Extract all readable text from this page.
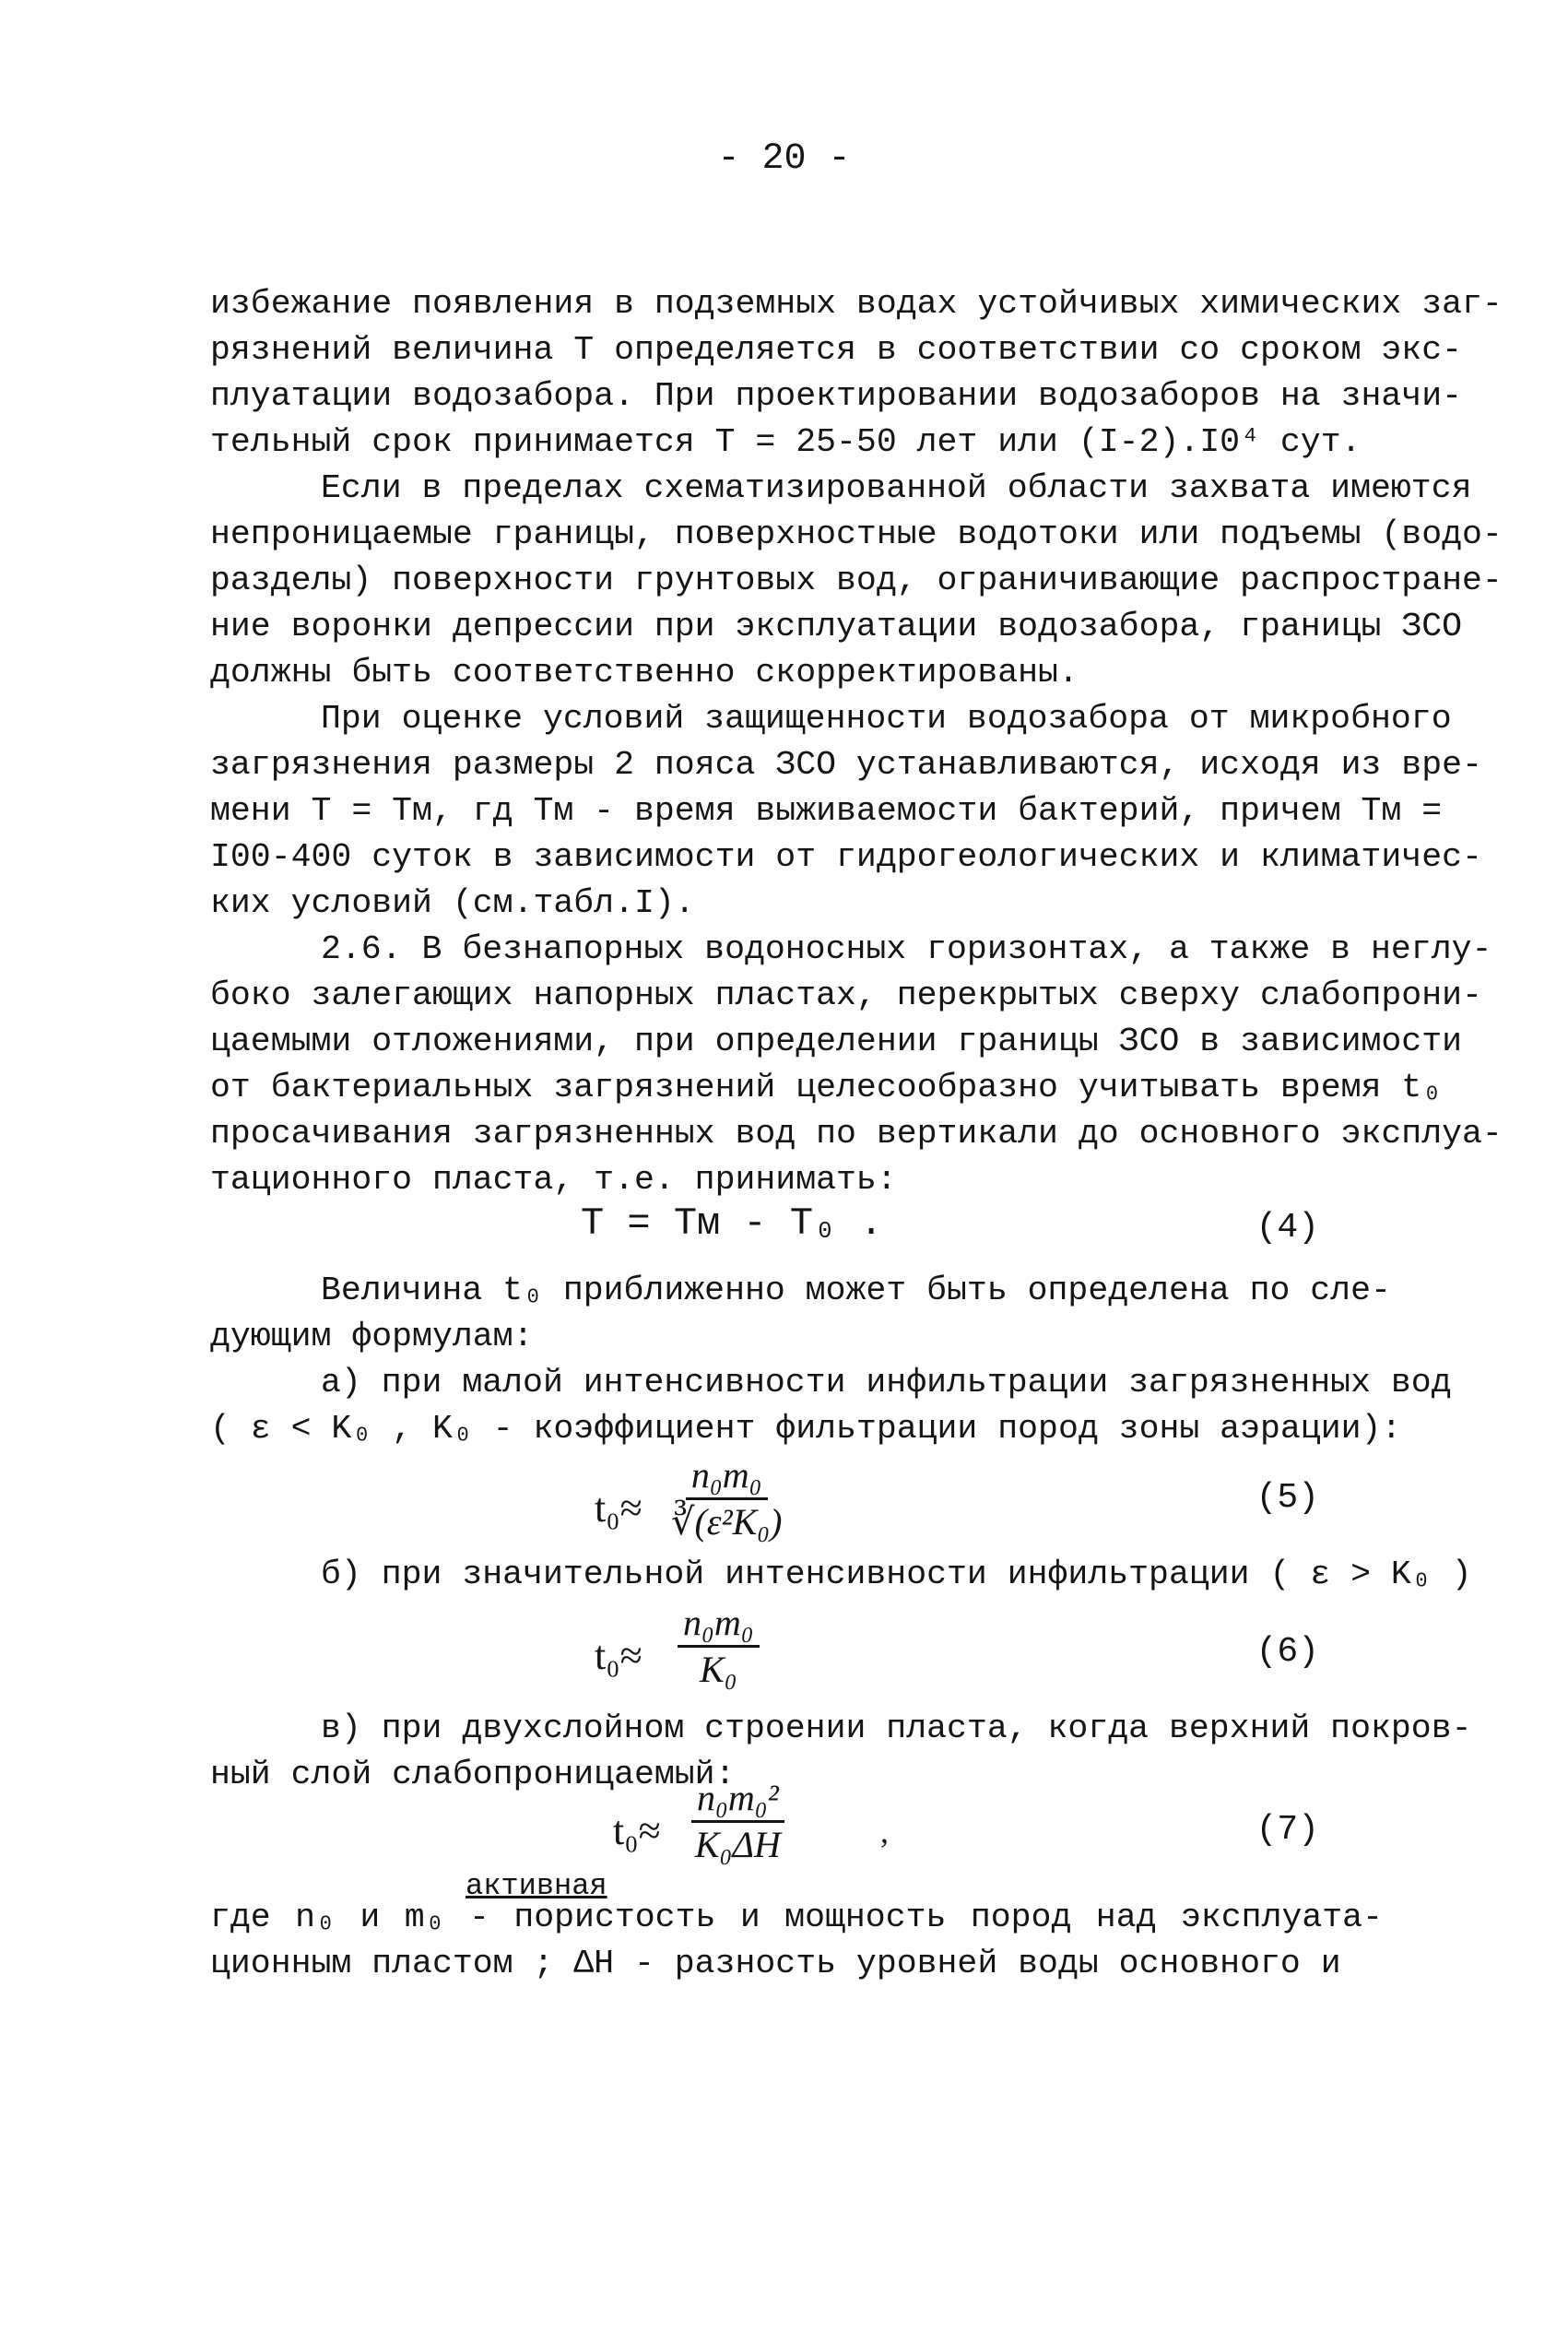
- 20 -
избежание появления в подземных водах устойчивых химических заг-
рязнений величина T определяется в соответствии со сроком экс-
плуатации водозабора. При проектировании водозаборов на значи-
тельный срок принимается T = 25-50 лет или (I-2).I0⁴ сут.
Если в пределах схематизированной области захвата имеются
непроницаемые границы, поверхностные водотоки или подъемы (водо-
разделы) поверхности грунтовых вод, ограничивающие распростране-
ние воронки депрессии при эксплуатации водозабора, границы ЗСО
должны быть соответственно скорректированы.
При оценке условий защищенности водозабора от микробного
загрязнения размеры 2 пояса ЗСО устанавливаются, исходя из вре-
мени T = Tм, гд Tм - время выживаемости бактерий, причем Tм =
I00-400 суток в зависимости от гидрогеологических и климатичес-
ких условий (см.табл.I).
2.6. В безнапорных водоносных горизонтах, а также в неглу-
боко залегающих напорных пластах, перекрытых сверху слабопрони-
цаемыми отложениями, при определении границы ЗСО в зависимости
от бактериальных загрязнений целесообразно учитывать время t₀
просачивания загрязненных вод по вертикали до основного эксплуа-
тационного пласта, т.е. принимать:
T = Tм - T₀ .	(4)
Величина t₀ приближенно может быть определена по сле-
дующим формулам:
а) при малой интенсивности инфильтрации загрязненных вод
( ε < K₀ , K₀ - коэффициент фильтрации пород зоны аэрации):
$t_0\approx \frac{\text{n₀m₀}}{\text{∛(ε²K₀)}}$	(5)
б) при значительной интенсивности инфильтрации ( ε > K₀ )
$t_0\approx \frac{\text{n₀m₀}}{\text{K₀}}$	(6)
в) при двухслойном строении пласта, когда верхний покров-
ный слой слабопроницаемый:
$t_0\approx \frac{\text{n₀m₀²}}{\text{K₀ΔH}}$	,	(7)
активная
где n₀ и m₀ - пористость и мощность пород над эксплуата-
ционным пластом ; ΔH - разность уровней воды основного и
